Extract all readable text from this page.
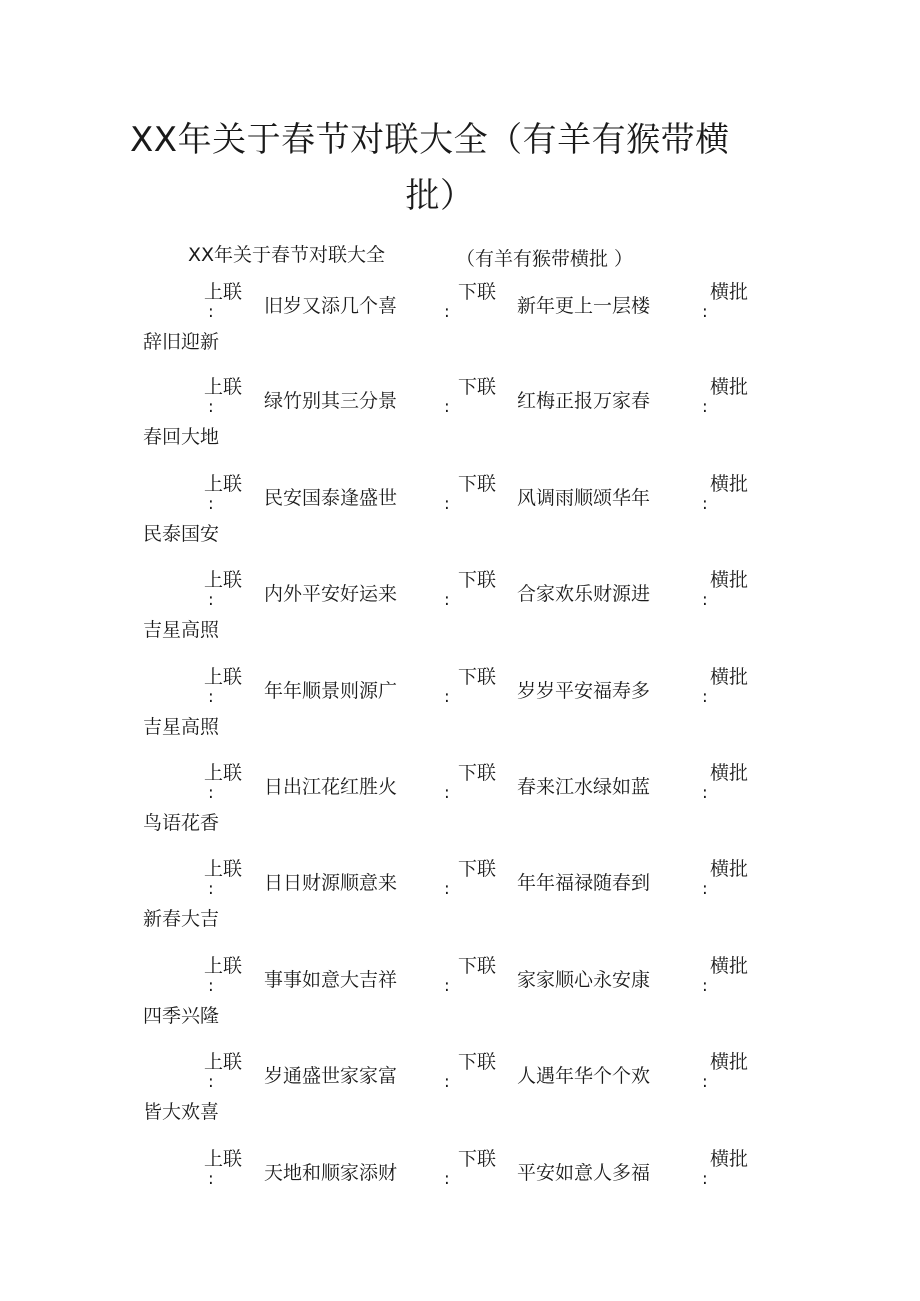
XX年关于春节对联大全（有羊有猴带横
批）
XX年关于春节对联大全	（有羊有猴带横批 ）
上联
:	旧岁又添几个喜
下联
:	新年更上一层楼
横批
:
辞旧迎新
上联
:	绿竹别其三分景
下联
:	红梅正报万家春
横批
:
春回大地
上联
:	民安国泰逢盛世
下联
:	风调雨顺颂华年
横批
:
民泰国安
上联
:	内外平安好运来
下联
:	合家欢乐财源进
横批
:
吉星高照
上联
:	年年顺景则源广
下联
:	岁岁平安福寿多
横批
:
吉星高照
上联
:	日出江花红胜火
下联
:	春来江水绿如蓝
横批
:
鸟语花香
上联
:	日日财源顺意来
下联
:	年年福禄随春到
横批
:
新春大吉
上联
:	事事如意大吉祥
下联
:	家家顺心永安康
横批
:
四季兴隆
上联
:	岁通盛世家家富
下联
:	人遇年华个个欢
横批
:
皆大欢喜
上联
:	天地和顺家添财
下联
:	平安如意人多福
横批
:
